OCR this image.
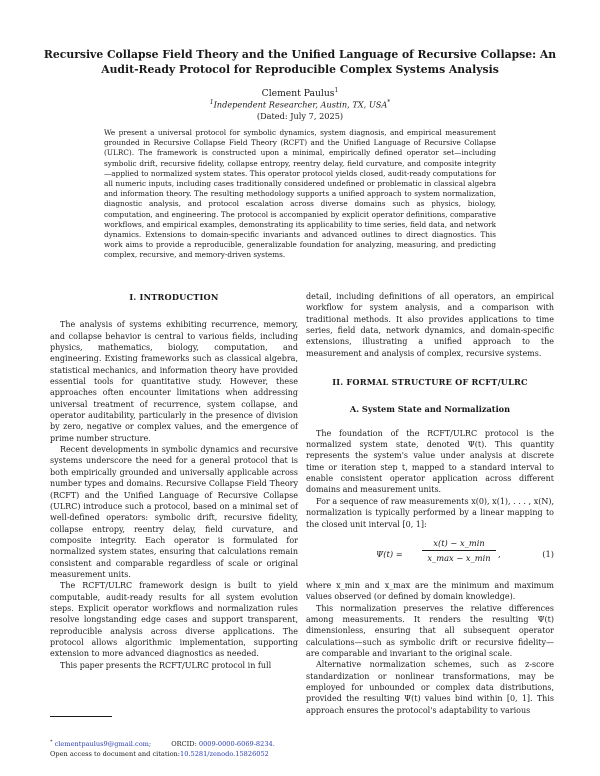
Recursive Collapse Field Theory and the Unified Language of Recursive Collapse: An
Audit-Ready Protocol for Reproducible Complex Systems Analysis
Clement Paulus$^1$
$^1$Independent Researcher, Austin, TX, USA*
(Dated: July 7, 2025)
We present a universal protocol for symbolic dynamics, system diagnosis, and empirical measurement grounded in Recursive Collapse Field Theory (RCFT) and the Unified Language of Recursive Collapse (ULRC). The framework is constructed upon a minimal, empirically defined operator set—including symbolic drift, recursive fidelity, collapse entropy, reentry delay, field curvature, and composite integrity—applied to normalized system states. This operator protocol yields closed, audit-ready computations for all numeric inputs, including cases traditionally considered undefined or problematic in classical algebra and information theory. The resulting methodology supports a unified approach to system normalization, diagnostic analysis, and protocol escalation across diverse domains such as physics, biology, computation, and engineering. The protocol is accompanied by explicit operator definitions, comparative workflows, and empirical examples, demonstrating its applicability to time series, field data, and network dynamics. Extensions to domain-specific invariants and advanced outlines to direct diagnostics. This work aims to provide a reproducible, generalizable foundation for analyzing, measuring, and predicting complex, recursive, and memory-driven systems.
I. INTRODUCTION

The analysis of systems exhibiting recurrence, memory, and collapse behavior is central to various fields, including physics, mathematics, biology, computation, and engineering. Existing frameworks such as classical algebra, statistical mechanics, and information theory have provided essential tools for quantitative study. However, these approaches often encounter limitations when addressing universal treatment of recurrence, system collapse, and operator auditability, particularly in the presence of division by zero, negative or complex values, and the emergence of prime number structure.

Recent developments in symbolic dynamics and recursive systems underscore the need for a general protocol that is both empirically grounded and universally applicable across number types and domains. Recursive Collapse Field Theory (RCFT) and the Unified Language of Recursive Collapse (ULRC) introduce such a protocol, based on a minimal set of well-defined operators: symbolic drift, recursive fidelity, collapse entropy, reentry delay, field curvature, and composite integrity. Each operator is formulated for normalized system states, ensuring that calculations remain consistent and comparable regardless of scale or original measurement units.

The RCFT/ULRC framework design is built to yield computable, audit-ready results for all system evolution steps. Explicit operator workflows and normalization rules resolve longstanding edge cases and support transparent, reproducible analysis across diverse applications. The protocol allows algorithmic implementation, supporting extension to more advanced diagnostics as needed.

This paper presents the RCFT/ULRC protocol in full

detail, including definitions of all operators, an empirical workflow for system analysis, and a comparison with traditional methods. It also provides applications to time series, field data, network dynamics, and domain-specific extensions, illustrating a unified approach to the measurement and analysis of complex, recursive systems.

II. FORMAL STRUCTURE OF RCFT/ULRC
A. System State and Normalization

The foundation of the RCFT/ULRC protocol is the normalized system state, denoted Ψ(t). This quantity represents the system's value under analysis at discrete time or iteration step t, mapped to a standard interval to enable consistent operator application across different domains and measurement units.

For a sequence of raw measurements x(0), x(1), . . . , x(N), normalization is typically performed by a linear mapping to the closed unit interval [0, 1]:

Ψ(t) =
x(t) − x_min
x_max − x_min ,	(1)

where x_min and x_max are the minimum and maximum values observed (or defined by domain knowledge).

This normalization preserves the relative differences among measurements. It renders the resulting Ψ(t) dimensionless, ensuring that all subsequent operator calculations—such as symbolic drift or recursive fidelity—are comparable and invariant to the original scale.

Alternative normalization schemes, such as z-score standardization or nonlinear transformations, may be employed for unbounded or complex data distributions, provided the resulting Ψ(t) values bind within [0, 1]. This approach ensures the protocol's adaptability to various

* clementpaulus9@gmail.com;	ORCID: 0009-0000-6069-8234.
Open access to document and citation:10.5281/zenodo.15826052
